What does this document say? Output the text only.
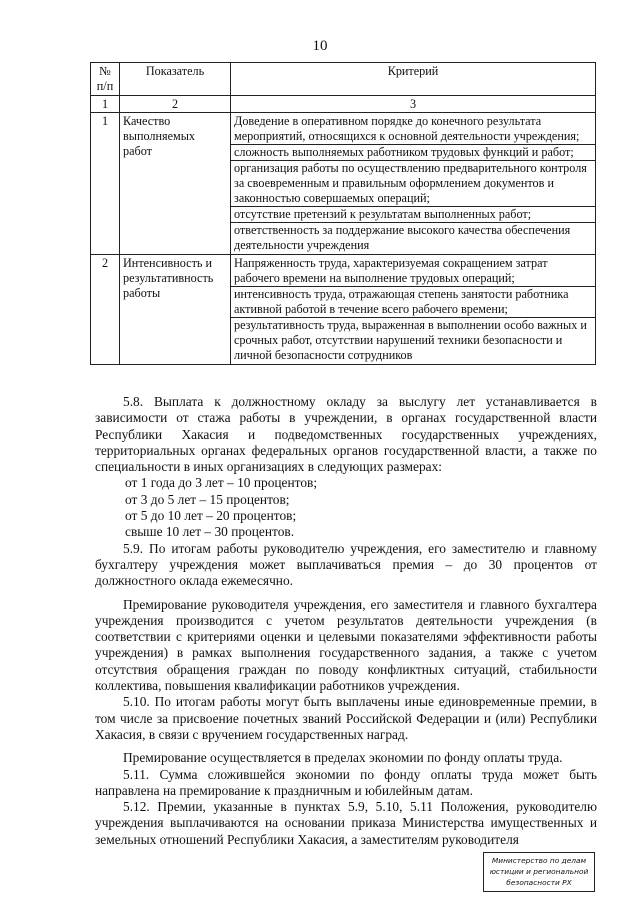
10
№ п/п	Показатель	Критерий
1	2	3
1	Качество выполняемых работ	Доведение в оперативном порядке до конечного результата мероприятий, относящихся к основной деятельности учреждения;
сложность выполняемых работником трудовых функций и работ;
организация работы по осуществлению предварительного контроля за своевременным и правильным оформлением документов и законностью совершаемых операций;
отсутствие претензий к результатам выполненных работ;
ответственность за поддержание высокого качества обеспечения деятельности учреждения

2	Интенсивность и результативность работы	Напряженность труда, характеризуемая сокращением затрат рабочего времени на выполнение трудовых операций;
интенсивность труда, отражающая степень занятости работника активной работой в течение всего рабочего времени;
результативность труда, выраженная в выполнении особо важных и срочных работ, отсутствии нарушений техники безопасности и личной безопасности сотрудников

5.8. Выплата к должностному окладу за выслугу лет устанавливается в зависимости от стажа работы в учреждении, в органах государственной власти Республики Хакасия и подведомственных государственных учреждениях, территориальных органах федеральных органов государственной власти, а также по специальности в иных организациях в следующих размерах:

от 1 года до 3 лет – 10 процентов;

от 3 до 5 лет – 15 процентов;

от 5 до 10 лет – 20 процентов;

свыше 10 лет – 30 процентов.

5.9. По итогам работы руководителю учреждения, его заместителю и главному бухгалтеру учреждения может выплачиваться премия – до 30 процентов от должностного оклада ежемесячно.

Премирование руководителя учреждения, его заместителя и главного бухгалтера учреждения производится с учетом результатов деятельности учреждения (в соответствии с критериями оценки и целевыми показателями эффективности работы учреждения) в рамках выполнения государственного задания, а также с учетом отсутствия обращения граждан по поводу конфликтных ситуаций, стабильности коллектива, повышения квалификации работников учреждения.

5.10. По итогам работы могут быть выплачены иные единовременные премии, в том числе за присвоение почетных званий Российской Федерации и (или) Республики Хакасия, в связи с вручением государственных наград.

Премирование осуществляется в пределах экономии по фонду оплаты труда.

5.11. Сумма сложившейся экономии по фонду оплаты труда может быть направлена на премирование к праздничным и юбилейным датам.

5.12. Премии, указанные в пунктах 5.9, 5.10, 5.11 Положения, руководителю учреждения выплачиваются на основании приказа Министерства имущественных и земельных отношений Республики Хакасия, а заместителям руководителя

Министерство по делам
юстиции и региональной
безопасности РХ
